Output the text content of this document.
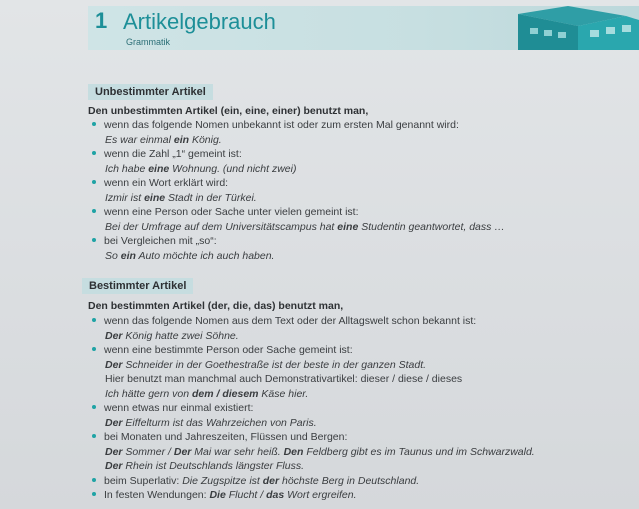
1 Artikelgebrauch
Grammatik
Unbestimmter Artikel
Den unbestimmten Artikel (ein, eine, einer) benutzt man,
wenn das folgende Nomen unbekannt ist oder zum ersten Mal genannt wird:
Es war einmal ein König.
wenn die Zahl „1“ gemeint ist:
Ich habe eine Wohnung. (und nicht zwei)
wenn ein Wort erklärt wird:
Izmir ist eine Stadt in der Türkei.
wenn eine Person oder Sache unter vielen gemeint ist:
Bei der Umfrage auf dem Universitätscampus hat eine Studentin geantwortet, dass …
bei Vergleichen mit „so“:
So ein Auto möchte ich auch haben.
Bestimmter Artikel
Den bestimmten Artikel (der, die, das) benutzt man,
wenn das folgende Nomen aus dem Text oder der Alltagswelt schon bekannt ist:
Der König hatte zwei Söhne.
wenn eine bestimmte Person oder Sache gemeint ist:
Der Schneider in der Goethestraße ist der beste in der ganzen Stadt.
Hier benutzt man manchmal auch Demonstrativartikel: dieser / diese / dieses
Ich hätte gern von dem / diesem Käse hier.
wenn etwas nur einmal existiert:
Der Eiffelturm ist das Wahrzeichen von Paris.
bei Monaten und Jahreszeiten, Flüssen und Bergen:
Der Sommer / Der Mai war sehr heiß. Den Feldberg gibt es im Taunus und im Schwarzwald.
Der Rhein ist Deutschlands längster Fluss.
beim Superlativ: Die Zugspitze ist der höchste Berg in Deutschland.
In festen Wendungen: Die Flucht / das Wort ergreifen.
